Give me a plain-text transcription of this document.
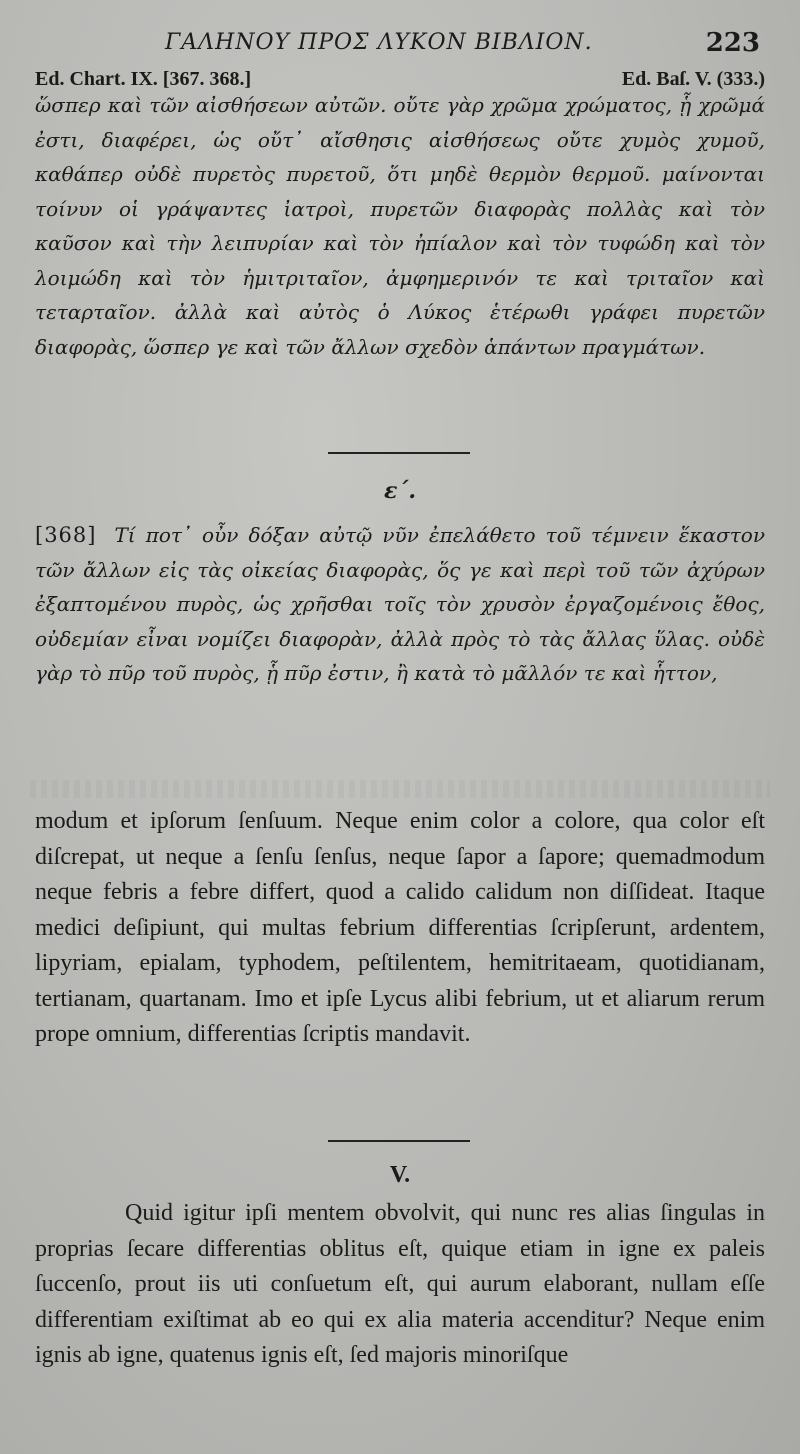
ΓΑΛΗΝΟΥ ΠΡΟΣ ΛΥΚΟΝ ΒΙΒΛΙΟΝ.	223
Ed. Chart. IX. [367. 368.]	Ed. Baſ. V. (333.)
ὥσπερ καὶ τῶν αἰσθήσεων αὐτῶν. οὔτε γὰρ χρῶμα χρώματος, ᾗ χρῶμά ἐστι, διαφέρει, ὡς οὔτ᾽ αἴσθησις αἰσθήσεως οὔτε χυμὸς χυμοῦ, καθάπερ οὐδὲ πυρετὸς πυρετοῦ, ὅτι μηδὲ θερμὸν θερμοῦ. μαίνονται τοίνυν οἱ γράψαντες ἰατροὶ, πυρετῶν διαφορὰς πολλὰς καὶ τὸν καῦσον καὶ τὴν λειπυρίαν καὶ τὸν ἠπίαλον καὶ τὸν τυφώδη καὶ τὸν λοιμώδη καὶ τὸν ἡμιτριταῖον, ἀμφημερινόν τε καὶ τριταῖον καὶ τεταρταῖον. ἀλλὰ καὶ αὐτὸς ὁ Λύκος ἑτέρωθι γράφει πυρετῶν διαφορὰς, ὥσπερ γε καὶ τῶν ἄλλων σχεδὸν ἁπάντων πραγμάτων.
ε΄.
[368] Τί ποτ᾽ οὖν δόξαν αὐτῷ νῦν ἐπελάθετο τοῦ τέμνειν ἕκαστον τῶν ἄλλων εἰς τὰς οἰκείας διαφορὰς, ὅς γε καὶ περὶ τοῦ τῶν ἀχύρων ἐξαπτομένου πυρὸς, ὡς χρῆσθαι τοῖς τὸν χρυσὸν ἐργαζομένοις ἔθος, οὐδεμίαν εἶναι νομίζει διαφορὰν, ἀλλὰ πρὸς τὸ τὰς ἄλλας ὕλας. οὐδὲ γὰρ τὸ πῦρ τοῦ πυρὸς, ᾗ πῦρ ἐστιν, ἢ κατὰ τὸ μᾶλλόν τε καὶ ἧττον,
modum et ipſorum ſenſuum. Neque enim color a colore, qua color eſt diſcrepat, ut neque a ſenſu ſenſus, neque ſapor a ſapore; quemadmodum neque febris a febre differt, quod a calido calidum non diſſideat. Itaque medici deſipiunt, qui multas febrium differentias ſcripſerunt, ardentem, lipyriam, epialam, typhodem, peſtilentem, hemitritaeam, quotidianam, tertianam, quartanam. Imo et ipſe Lycus alibi febrium, ut et aliarum rerum prope omnium, differentias ſcriptis mandavit.
V.
Quid igitur ipſi mentem obvolvit, qui nunc res alias ſingulas in proprias ſecare differentias oblitus eſt, quique etiam in igne ex paleis ſuccenſo, prout iis uti conſuetum eſt, qui aurum elaborant, nullam eſſe differentiam exiſtimat ab eo qui ex alia materia accenditur? Neque enim ignis ab igne, quatenus ignis eſt, ſed majoris minoriſque
